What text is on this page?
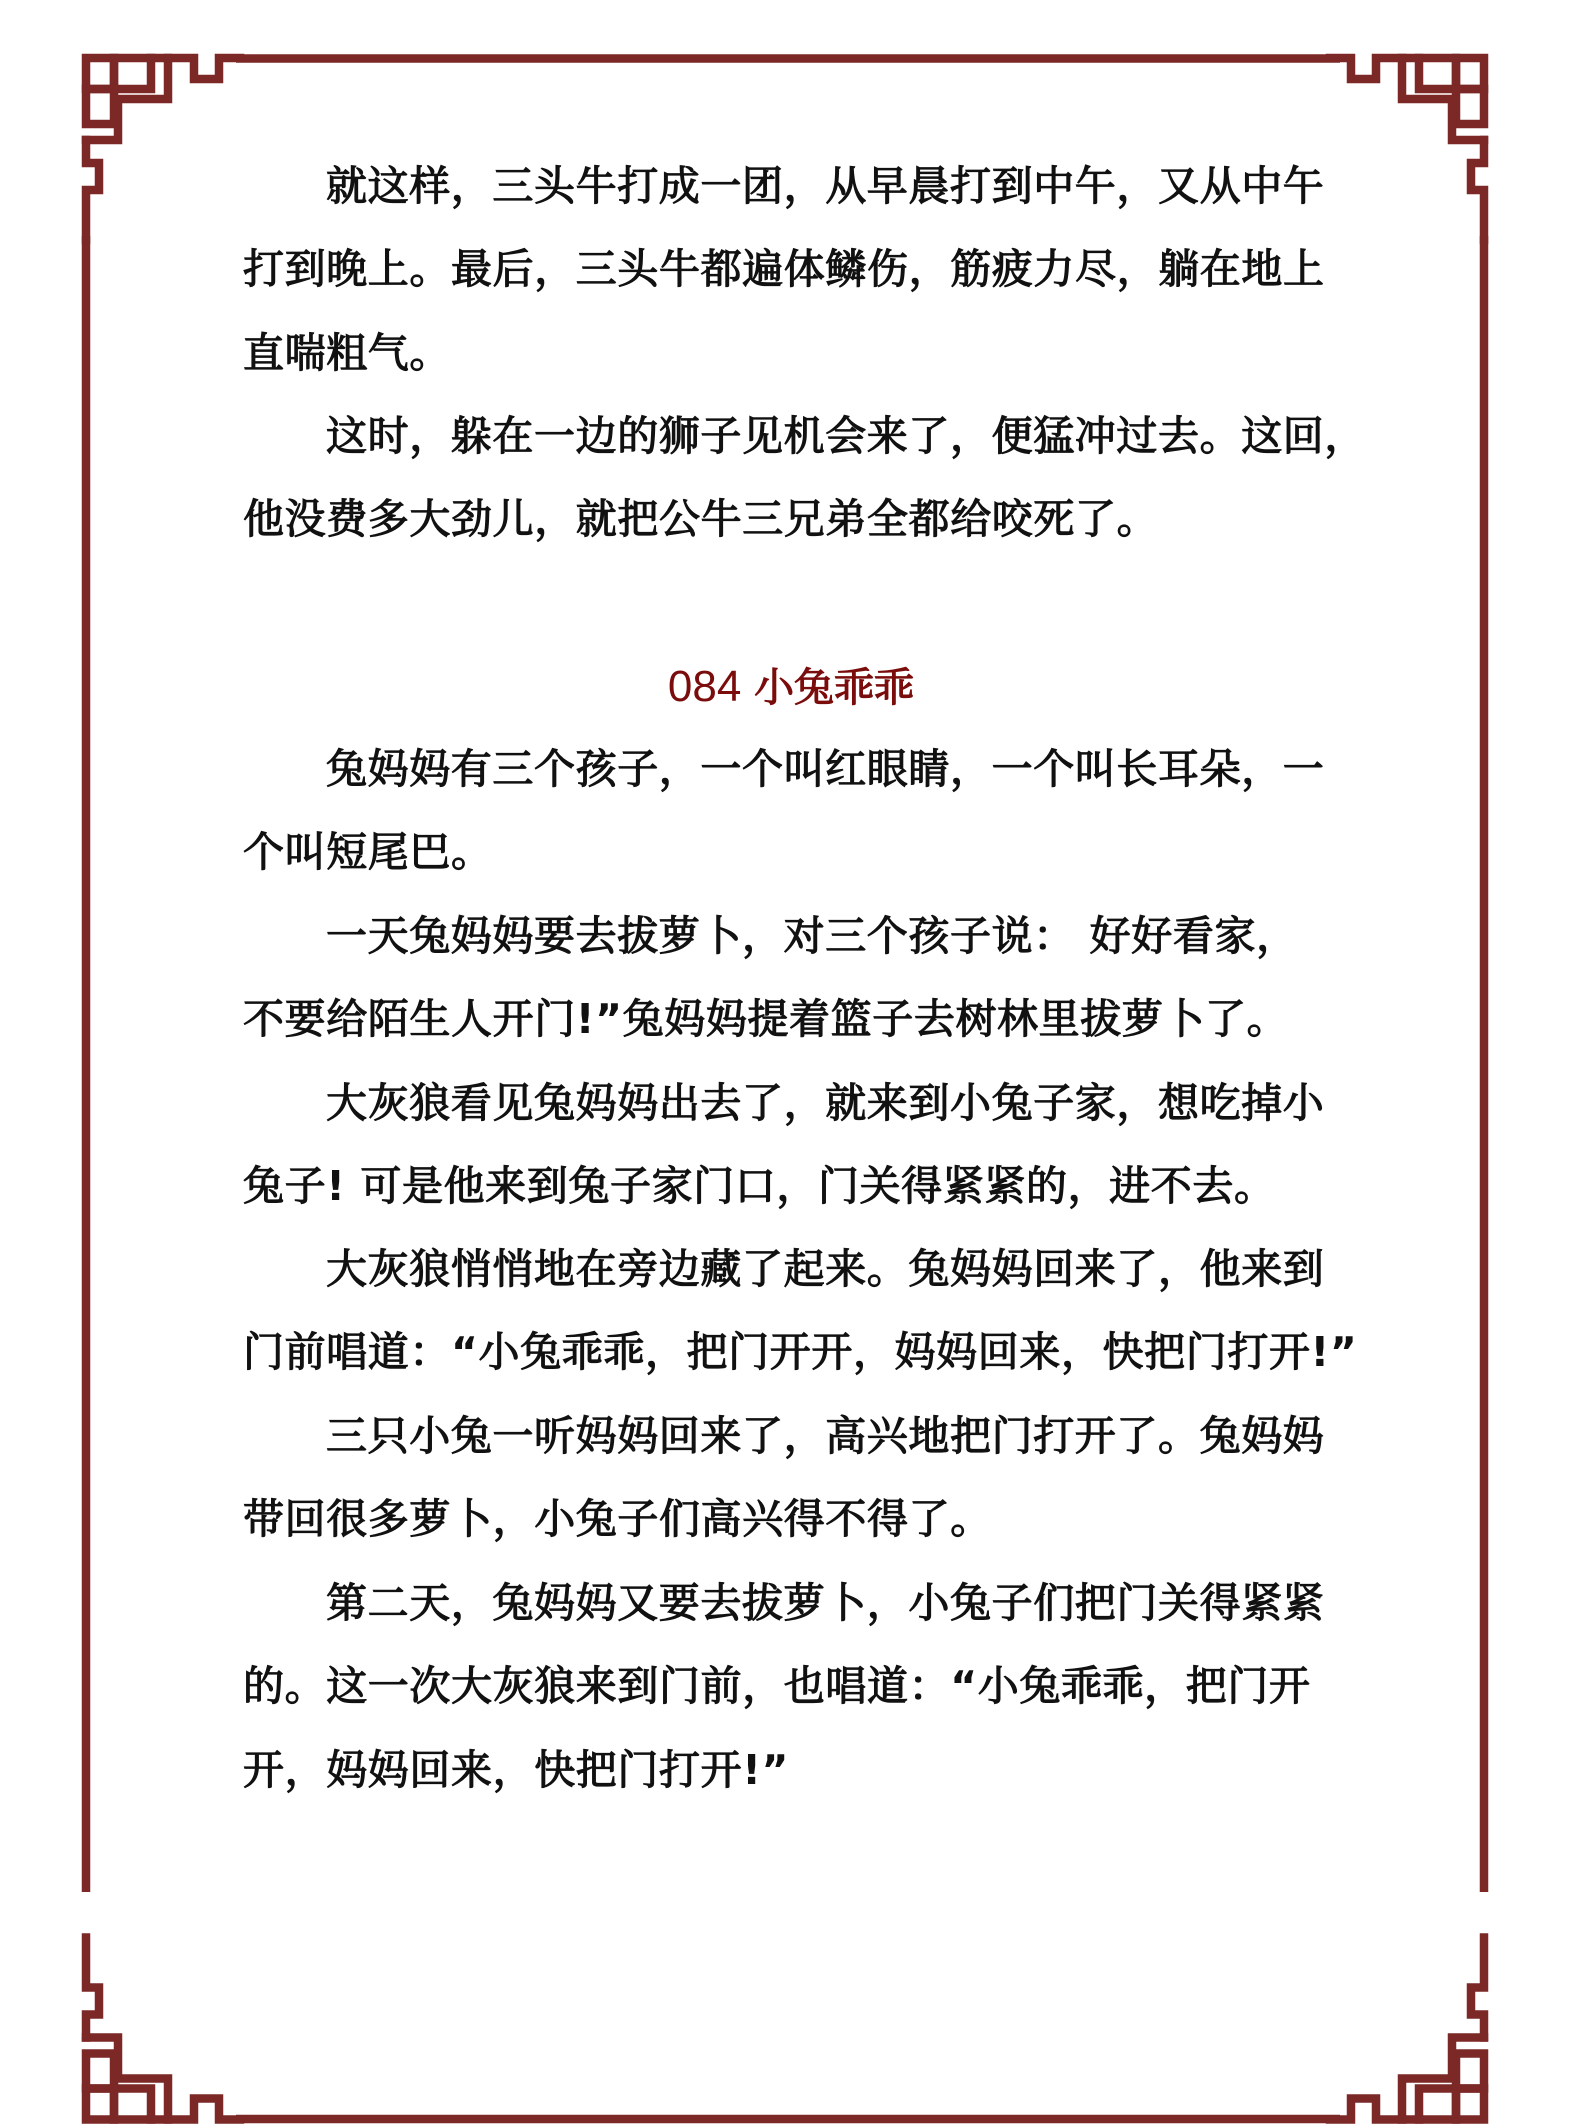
就这样，三头牛打成一团，从早晨打到中午，又从中午
打到晚上。最后，三头牛都遍体鳞伤，筋疲力尽，躺在地上
直喘粗气。
这时，躲在一边的狮子见机会来了，便猛冲过去。这回，
他没费多大劲儿，就把公牛三兄弟全都给咬死了。
084 小兔乖乖
兔妈妈有三个孩子，一个叫红眼睛，一个叫长耳朵，一
个叫短尾巴。
一天兔妈妈要去拔萝卜，对三个孩子说： 好好看家，
不要给陌生人开门!”兔妈妈提着篮子去树林里拔萝卜了。
大灰狼看见兔妈妈出去了，就来到小兔子家，想吃掉小
兔子! 可是他来到兔子家门口，门关得紧紧的，进不去。
大灰狼悄悄地在旁边藏了起来。兔妈妈回来了，他来到
门前唱道：“小兔乖乖，把门开开，妈妈回来，快把门打开!”
三只小兔一听妈妈回来了，高兴地把门打开了。兔妈妈
带回很多萝卜，小兔子们高兴得不得了。
第二天，兔妈妈又要去拔萝卜，小兔子们把门关得紧紧
的。这一次大灰狼来到门前，也唱道：“小兔乖乖，把门开
开，妈妈回来，快把门打开!”
